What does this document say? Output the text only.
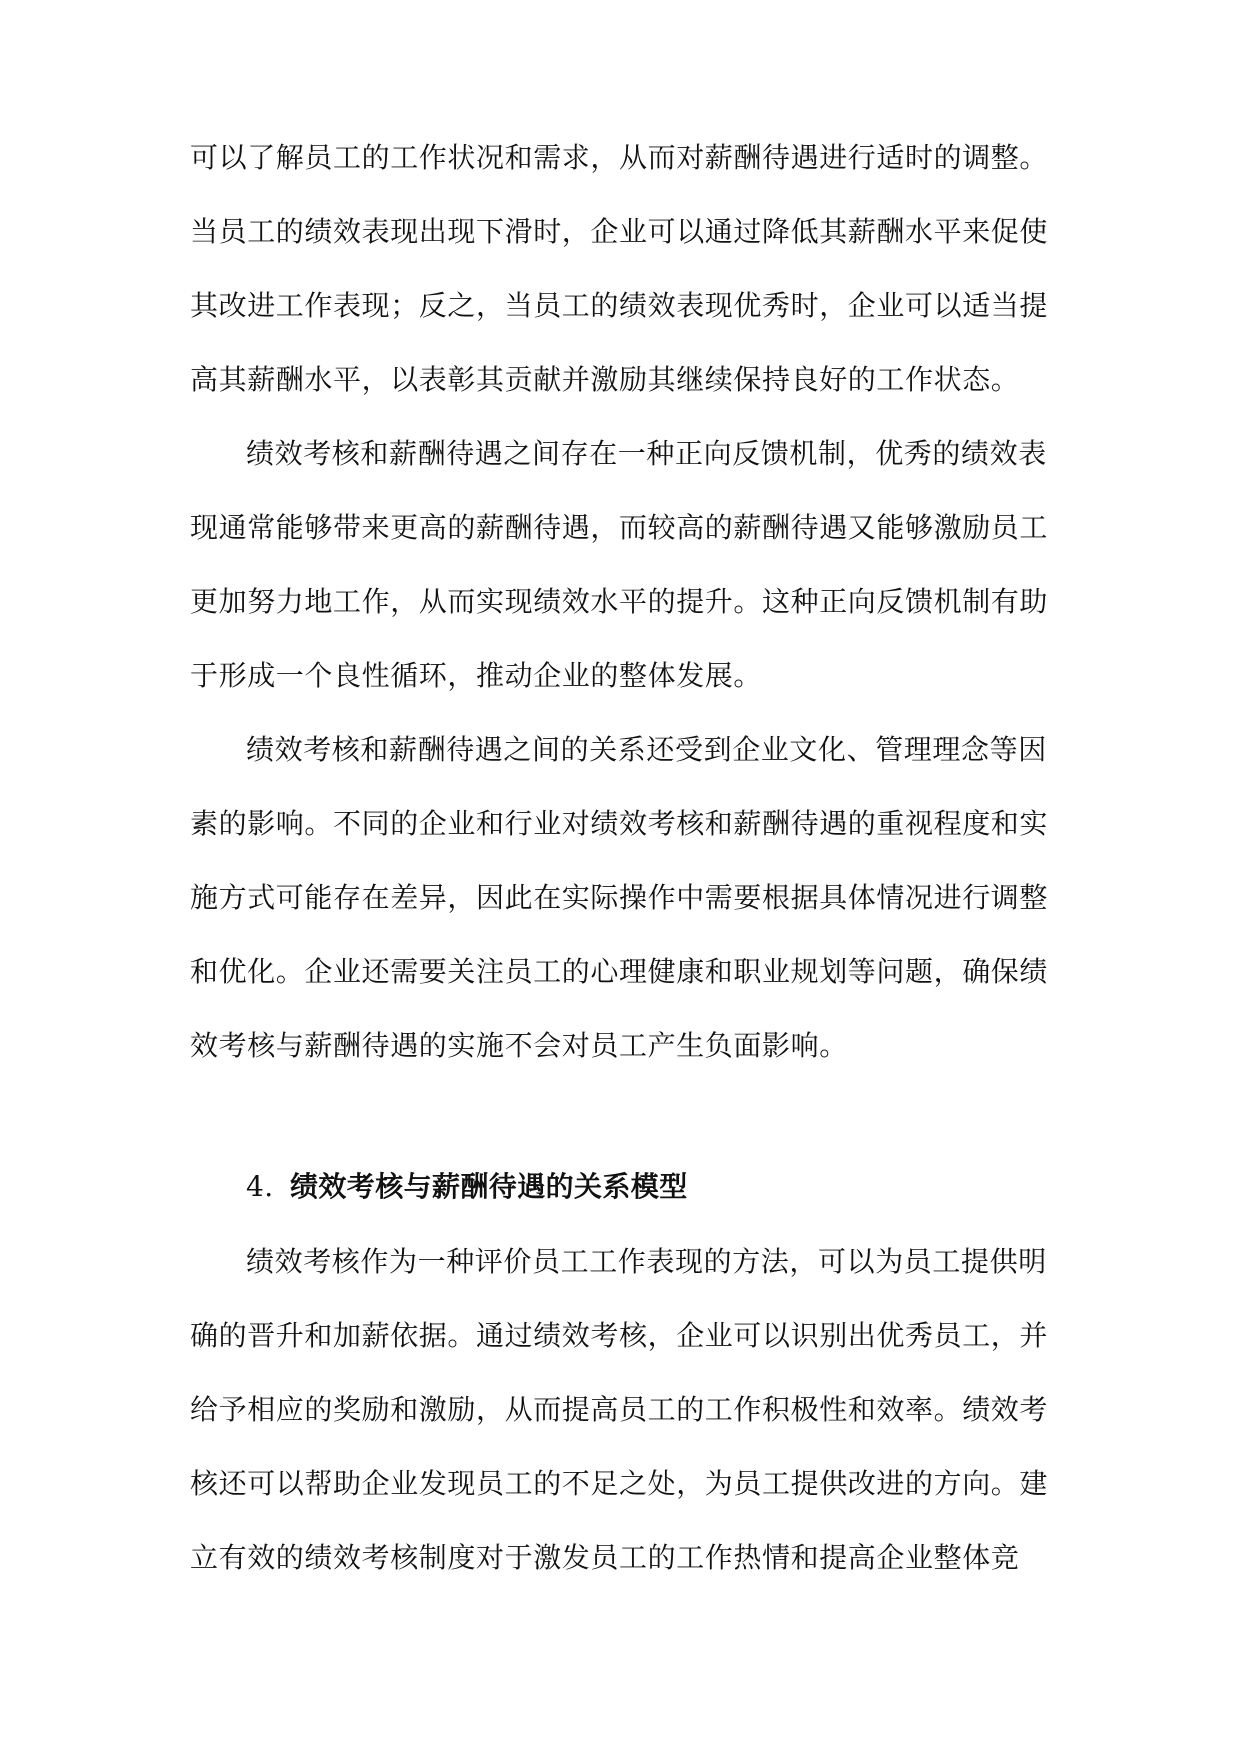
可以了解员工的工作状况和需求，从而对薪酬待遇进行适时的调整。
当员工的绩效表现出现下滑时，企业可以通过降低其薪酬水平来促使
其改进工作表现；反之，当员工的绩效表现优秀时，企业可以适当提
高其薪酬水平，以表彰其贡献并激励其继续保持良好的工作状态。
绩效考核和薪酬待遇之间存在一种正向反馈机制，优秀的绩效表
现通常能够带来更高的薪酬待遇，而较高的薪酬待遇又能够激励员工
更加努力地工作，从而实现绩效水平的提升。这种正向反馈机制有助
于形成一个良性循环，推动企业的整体发展。
绩效考核和薪酬待遇之间的关系还受到企业文化、管理理念等因
素的影响。不同的企业和行业对绩效考核和薪酬待遇的重视程度和实
施方式可能存在差异，因此在实际操作中需要根据具体情况进行调整
和优化。企业还需要关注员工的心理健康和职业规划等问题，确保绩
效考核与薪酬待遇的实施不会对员工产生负面影响。
4. 绩效考核与薪酬待遇的关系模型
绩效考核作为一种评价员工工作表现的方法，可以为员工提供明
确的晋升和加薪依据。通过绩效考核，企业可以识别出优秀员工，并
给予相应的奖励和激励，从而提高员工的工作积极性和效率。绩效考
核还可以帮助企业发现员工的不足之处，为员工提供改进的方向。建
立有效的绩效考核制度对于激发员工的工作热情和提高企业整体竞
